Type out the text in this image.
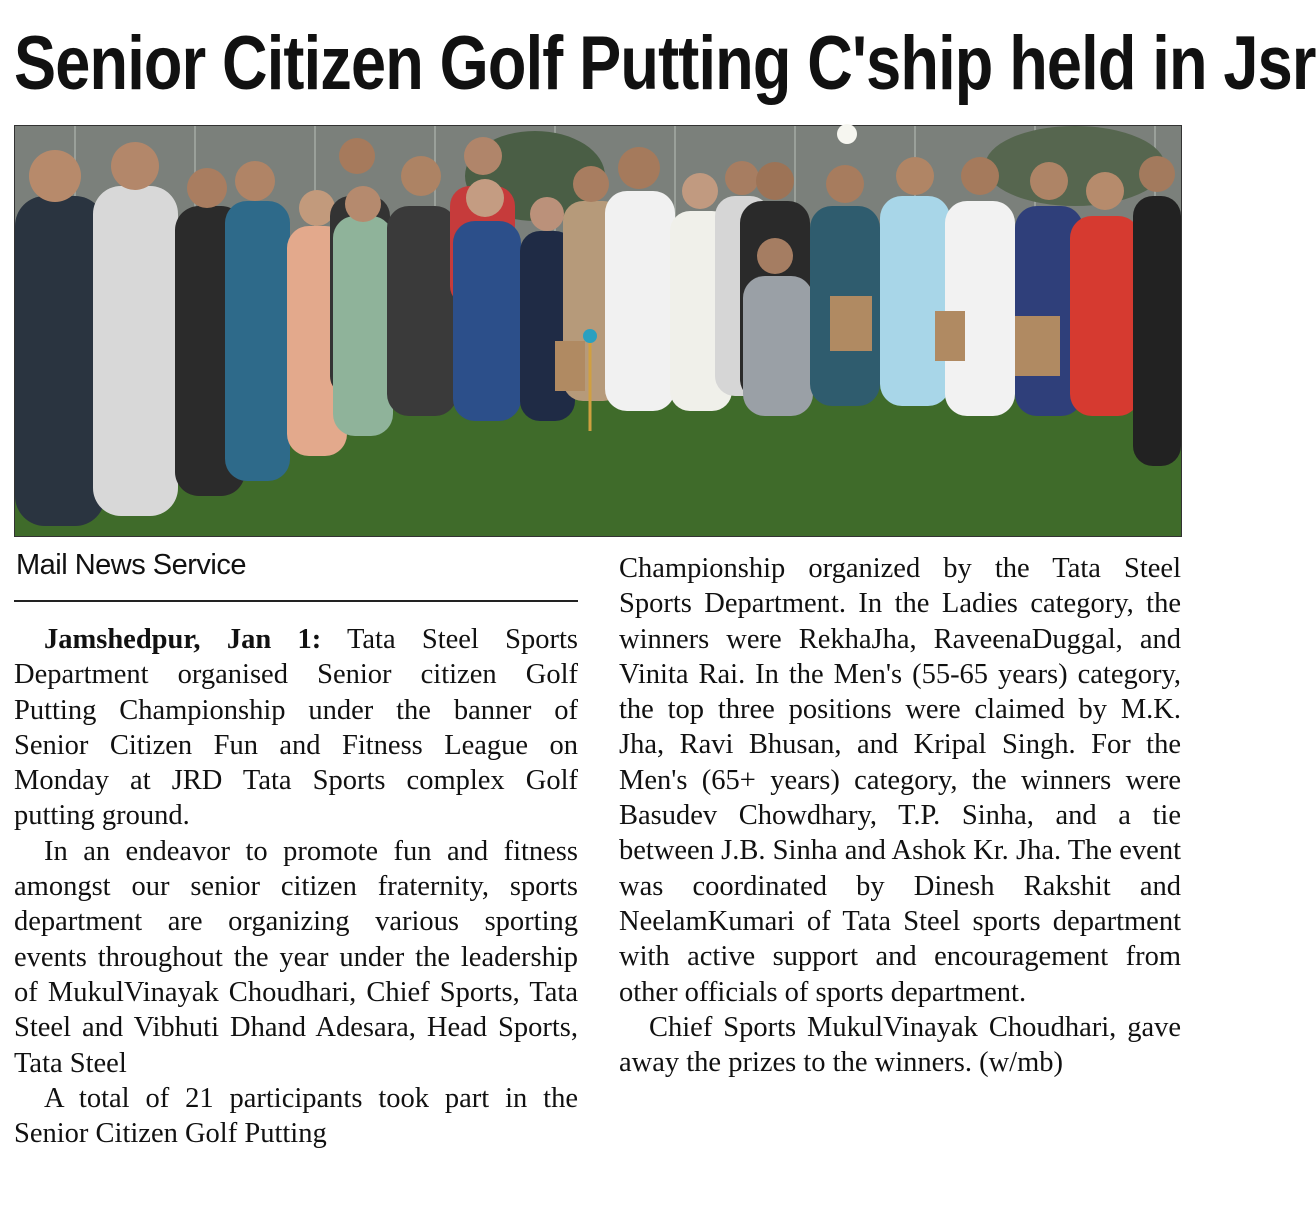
Senior Citizen Golf Putting C'ship held in Jsr
Mail News Service

Jamshedpur, Jan 1: Tata Steel Sports Department organised Senior citizen Golf Putting Championship under the banner of Senior Citizen Fun and Fitness League on Monday at JRD Tata Sports complex Golf putting ground.

In an endeavor to promote fun and fitness amongst our senior citizen fraternity, sports department are organizing various sporting events throughout the year under the leadership of MukulVinayak Choudhari, Chief Sports, Tata Steel and Vibhuti Dhand Adesara, Head Sports, Tata Steel

A total of 21 participants took part in the Senior Citizen Golf Putting

Championship organized by the Tata Steel Sports Department. In the Ladies category, the winners were RekhaJha, RaveenaDuggal, and Vinita Rai. In the Men's (55-65 years) category, the top three positions were claimed by M.K. Jha, Ravi Bhusan, and Kripal Singh. For the Men's (65+ years) category, the winners were Basudev Chowdhary, T.P. Sinha, and a tie between J.B. Sinha and Ashok Kr. Jha. The event was coordinated by Dinesh Rakshit and NeelamKumari of Tata Steel sports department with active support and encouragement from other officials of sports department.

Chief Sports MukulVinayak Choudhari, gave away the prizes to the winners. (w/mb)
